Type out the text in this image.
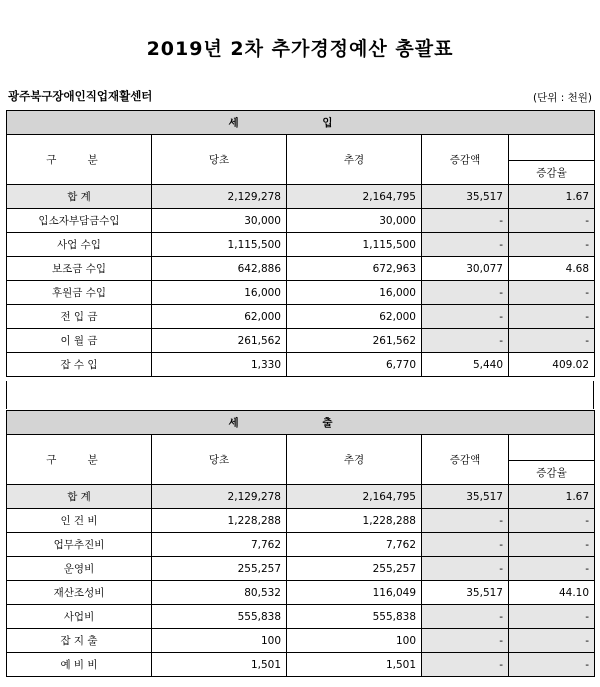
2019년 2차 추가경정예산 총괄표
광주북구장애인직업재활센터	(단위 : 천원)
세 입				
구 분	당초	추경	증감액	
				증감율
합 계	2,129,278	2,164,795	35,517	1.67
입소자부담금수입	30,000	30,000	-	-
사업 수입	1,115,500	1,115,500	-	-
보조금 수입	642,886	672,963	30,077	4.68
후원금 수입	16,000	16,000	-	-
전 입 금	62,000	62,000	-	-
이 월 금	261,562	261,562	-	-
잡 수 입	1,330	6,770	5,440	409.02
세 출				
구 분	당초	추경	증감액	
				증감율
합 계	2,129,278	2,164,795	35,517	1.67
인 건 비	1,228,288	1,228,288	-	-
업무추진비	7,762	7,762	-	-
운영비	255,257	255,257	-	-
재산조성비	80,532	116,049	35,517	44.10
사업비	555,838	555,838	-	-
잡 지 출	100	100	-	-
예 비 비	1,501	1,501	-	-
